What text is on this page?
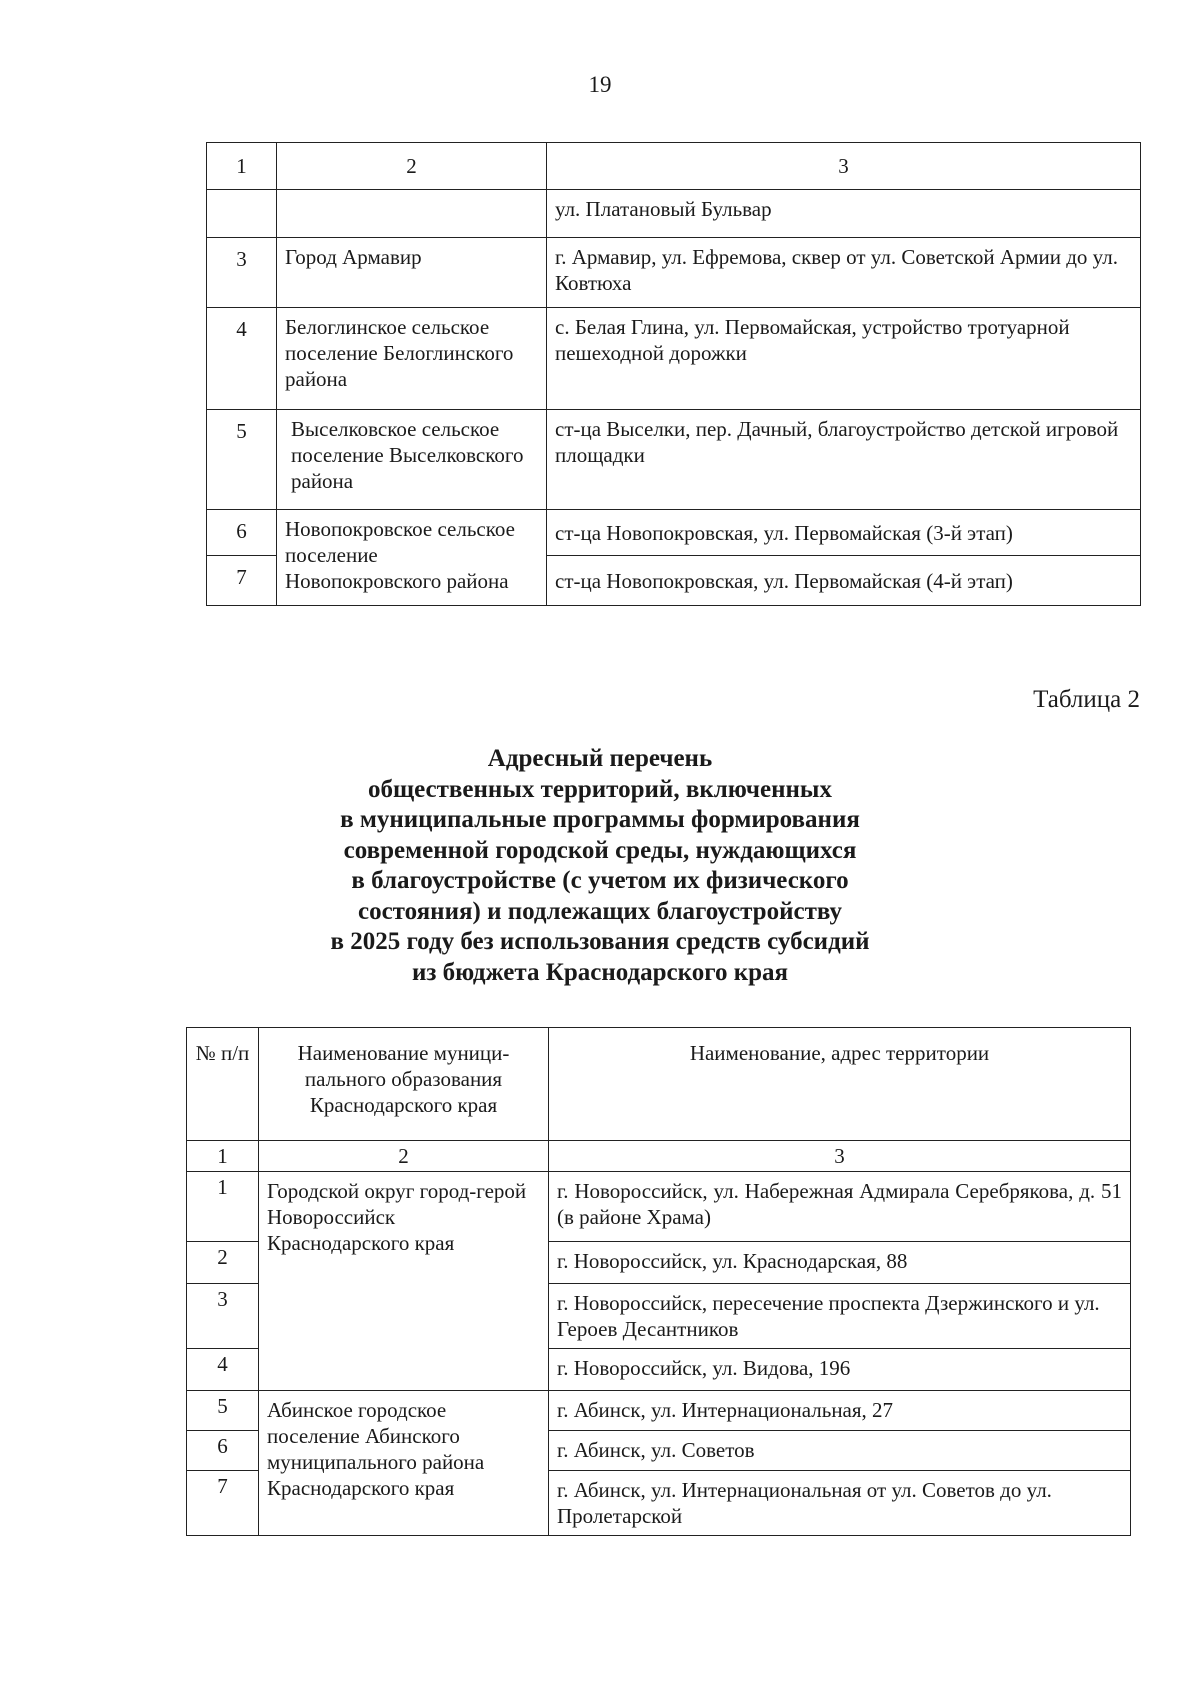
19
1	2	3
		ул. Платановый Бульвар
3	Город Армавир	г. Армавир, ул. Ефремова, сквер от ул. Советской Армии до ул. Ковтюха
4	Белоглинское сельское поселение Белоглинского района	с. Белая Глина, ул. Первомайская, устройство тротуарной пешеходной дорожки
5	Выселковское сельское поселение Выселковского района	ст-ца Выселки, пер. Дачный, благоустройство детской игровой площадки
6	Новопокровское сельское поселение Новопокровского района	ст-ца Новопокровская, ул. Первомайская (3-й этап)
7		ст-ца Новопокровская, ул. Первомайская (4-й этап)
Таблица 2
Адресный перечень
общественных территорий, включенных
в муниципальные программы формирования
современной городской среды, нуждающихся
в благоустройстве (с учетом их физического
состояния) и подлежащих благоустройству
в 2025 году без использования средств субсидий
из бюджета Краснодарского края
№ п/п	Наименование муници-пального образования Краснодарского края	Наименование, адрес территории
1	2	3
1	Городской округ город-герой Новороссийск Краснодарского края	г. Новороссийск, ул. Набережная Адмирала Серебрякова, д. 51 (в районе Храма)
2		г. Новороссийск, ул. Краснодарская, 88
3		г. Новороссийск, пересечение проспекта Дзержинского и ул. Героев Десантников
4		г. Новороссийск, ул. Видова, 196
5	Абинское городское поселение Абинского муниципального района Краснодарского края	г. Абинск, ул. Интернациональная, 27
6		г. Абинск, ул. Советов
7		г. Абинск, ул. Интернациональная от ул. Советов до ул. Пролетарской
